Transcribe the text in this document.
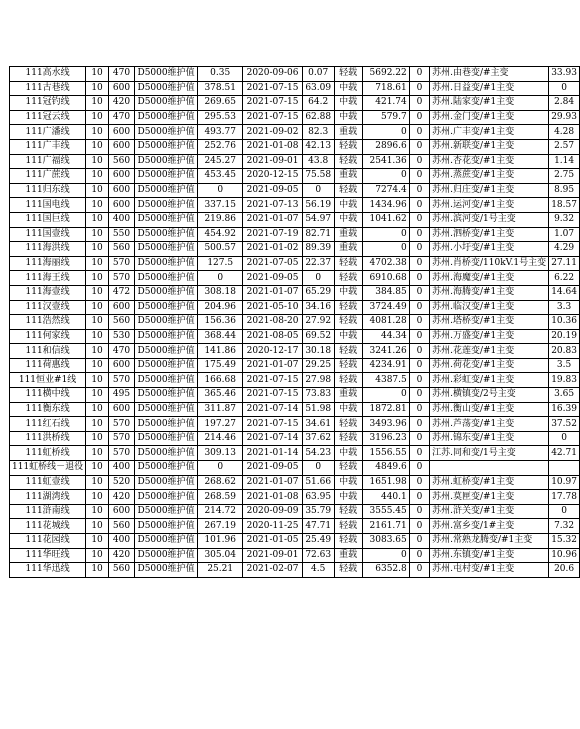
111高水线	10	470	D5000维护值	0.35	2020-09-06	0.07	轻载	5692.22	0	苏州.由巷变/#主变	33.93
111古巷线	10	600	D5000维护值	378.51	2021-07-15	63.09	中载	718.61	0	苏州.日益变/#1主变	0
111冠钓线	10	420	D5000维护值	269.65	2021-07-15	64.2	中载	421.74	0	苏州.陆家变/#1主变	2.84
111冠云线	10	470	D5000维护值	295.53	2021-07-15	62.88	中载	579.7	0	苏州.金门变/#1主变	29.93
111广潘线	10	600	D5000维护值	493.77	2021-09-02	82.3	重载	0	0	苏州.广丰变/#1主变	4.28
111广丰线	10	600	D5000维护值	252.76	2021-01-08	42.13	轻载	2896.6	0	苏州.新联变/#1主变	2.57
111广福线	10	560	D5000维护值	245.27	2021-09-01	43.8	轻载	2541.36	0	苏州.杏花变/#1主变	1.14
111广蔗线	10	600	D5000维护值	453.45	2020-12-15	75.58	重载	0	0	苏州.蒸蔗变/#1主变	2.75
111归东线	10	600	D5000维护值	0	2021-09-05	0	轻载	7274.4	0	苏州.归庄变/#1主变	8.95
111国电线	10	600	D5000维护值	337.15	2021-07-13	56.19	中载	1434.96	0	苏州.运河变/#1主变	18.57
111国巨线	10	400	D5000维护值	219.86	2021-01-07	54.97	中载	1041.62	0	苏州.滨河变/1号主变	9.32
111国壹线	10	550	D5000维护值	454.92	2021-07-19	82.71	重载	0	0	苏州.泗桥变/#1主变	1.07
111海洪线	10	560	D5000维护值	500.57	2021-01-02	89.39	重载	0	0	苏州.小圩变/#1主变	4.29
111海丽线	10	570	D5000维护值	127.5	2021-07-05	22.37	轻载	4702.38	0	苏州.肖桥变/110kV.1号主变	27.11
111海王线	10	570	D5000维护值	0	2021-09-05	0	轻载	6910.68	0	苏州.海魔变/#1主变	6.22
111海壹线	10	472	D5000维护值	308.18	2021-01-07	65.29	中载	384.85	0	苏州.海腾变/#1主变	14.64
111汉壹线	10	600	D5000维护值	204.96	2021-05-10	34.16	轻载	3724.49	0	苏州.临汉变/#1主变	3.3
111浩然线	10	560	D5000维护值	156.36	2021-08-20	27.92	轻载	4081.28	0	苏州.塔桥变/#1主变	10.36
111何家线	10	530	D5000维护值	368.44	2021-08-05	69.52	中载	44.34	0	苏州.万盛变/#1主变	20.19
111和信线	10	470	D5000维护值	141.86	2020-12-17	30.18	轻载	3241.26	0	苏州.花莲变/#1主变	20.83
111荷惠线	10	600	D5000维护值	175.49	2021-01-07	29.25	轻载	4234.91	0	苏州.荷花变/#1主变	3.5
111恒业#1线	10	570	D5000维护值	166.68	2021-07-15	27.98	轻载	4387.5	0	苏州.彩虹变/#1主变	19.83
111横中线	10	495	D5000维护值	365.46	2021-07-15	73.83	重载	0	0	苏州.横镇变/2号主变	3.65
111衡东线	10	600	D5000维护值	311.87	2021-07-14	51.98	中载	1872.81	0	苏州.衡山变/#1主变	16.39
111红石线	10	570	D5000维护值	197.27	2021-07-15	34.61	轻载	3493.96	0	苏州.芦荡变/#1主变	37.52
111洪桥线	10	570	D5000维护值	214.46	2021-07-14	37.62	轻载	3196.23	0	苏州.锦东变/#1主变	0
111虹桥线	10	570	D5000维护值	309.13	2021-01-14	54.23	中载	1556.55	0	江苏.同和变/1号主变	42.71
111虹桥线－退役	10	400	D5000维护值	0	2021-09-05	0	轻载	4849.6	0		
111虹壹线	10	520	D5000维护值	268.62	2021-01-07	51.66	中载	1651.98	0	苏州.虹桥变/#1主变	10.97
111湖湾线	10	420	D5000维护值	268.59	2021-01-08	63.95	中载	440.1	0	苏州.莫匣变/#1主变	17.78
111浒南线	10	600	D5000维护值	214.72	2020-09-09	35.79	轻载	3555.45	0	苏州.浒关变/#1主变	0
111花城线	10	560	D5000维护值	267.19	2020-11-25	47.71	轻载	2161.71	0	苏州.富乡变/1#主变	7.32
111花园线	10	400	D5000维护值	101.96	2021-01-05	25.49	轻载	3083.65	0	苏州.常熟龙腾变/#1主变	15.32
111华旺线	10	420	D5000维护值	305.04	2021-09-01	72.63	重载	0	0	苏州.东镇变/#1主变	10.96
111华迅线	10	560	D5000维护值	25.21	2021-02-07	4.5	轻载	6352.8	0	苏州.屯村变/#1主变	20.6
